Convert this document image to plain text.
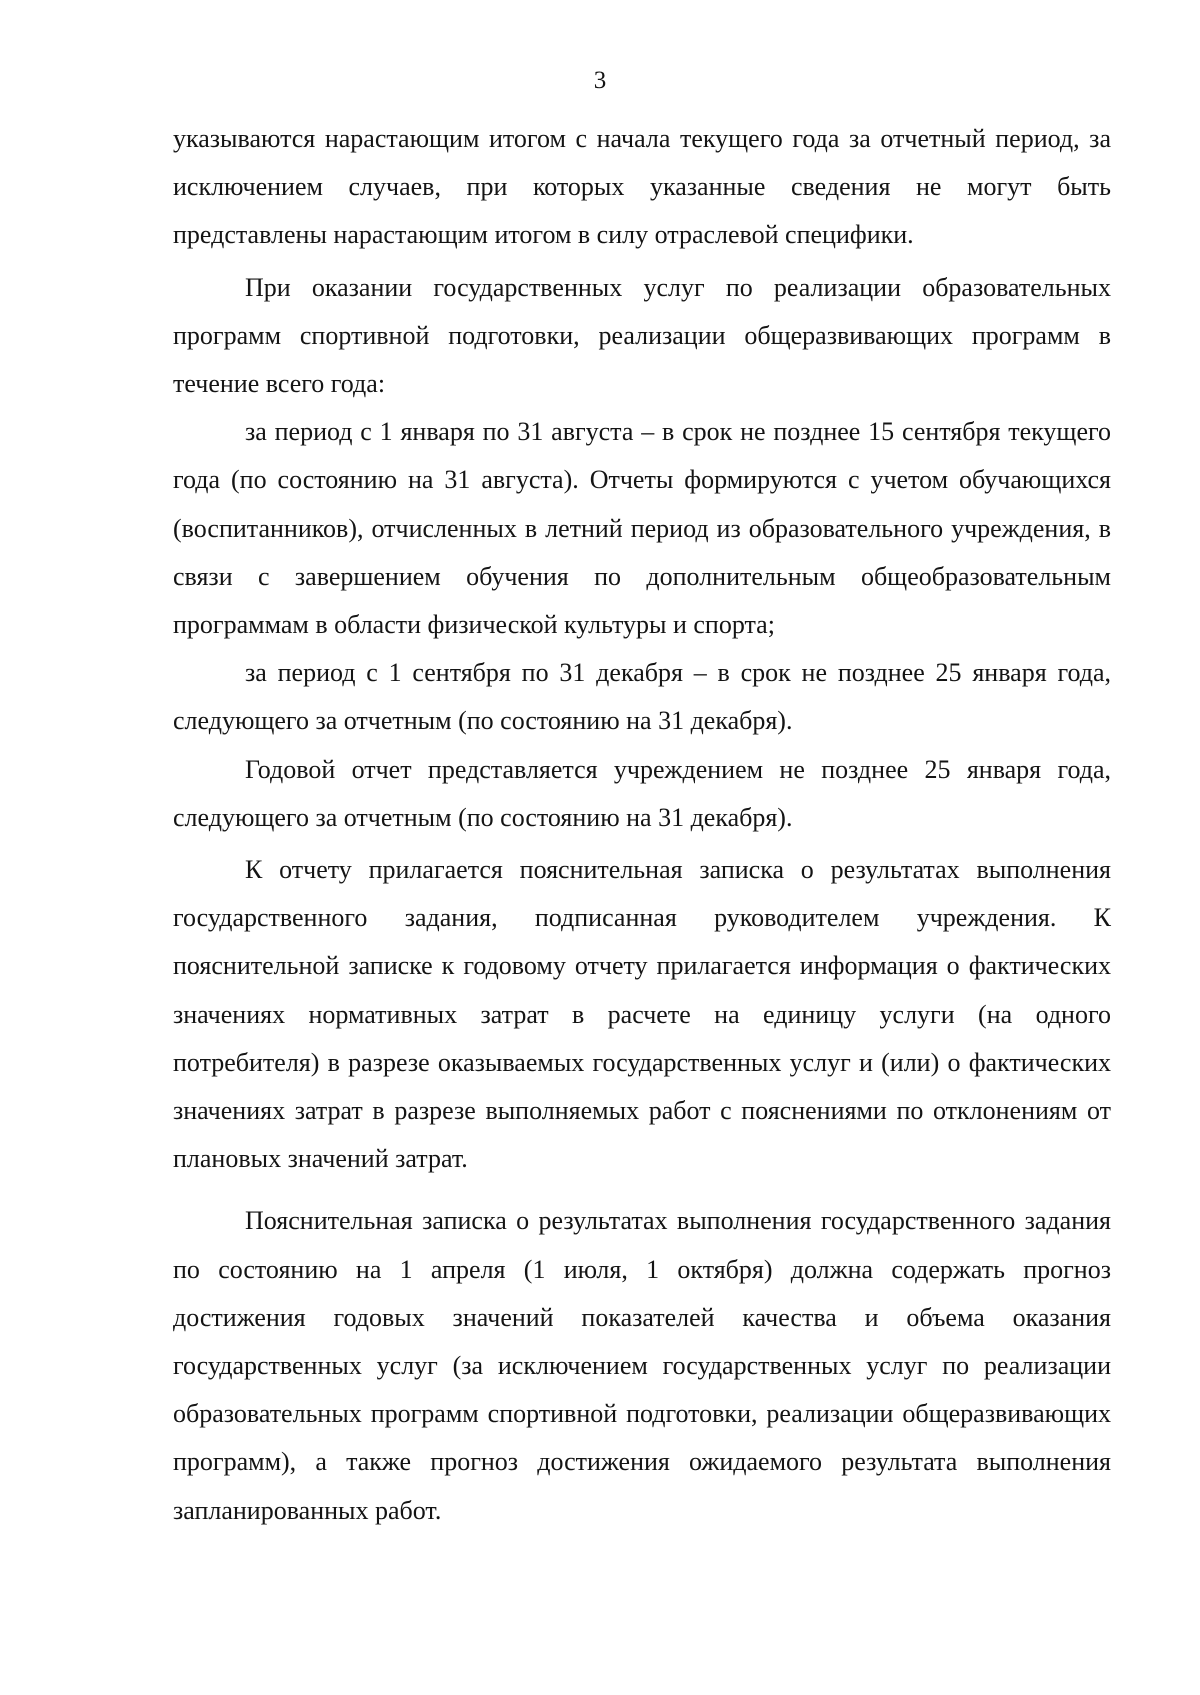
3

указываются нарастающим итогом с начала текущего года за отчетный период, за исключением случаев, при которых указанные сведения не могут быть представлены нарастающим итогом в силу отраслевой специфики.

При оказании государственных услуг по реализации образовательных программ спортивной подготовки, реализации общеразвивающих программ в течение всего года:

за период с 1 января по 31 августа – в срок не позднее 15 сентября текущего года (по состоянию на 31 августа). Отчеты формируются с учетом обучающихся (воспитанников), отчисленных в летний период из образовательного учреждения, в связи с завершением обучения по дополнительным общеобразовательным программам в области физической культуры и спорта;

за период с 1 сентября по 31 декабря – в срок не позднее 25 января года, следующего за отчетным (по состоянию на 31 декабря).

Годовой отчет представляется учреждением не позднее 25 января года, следующего за отчетным (по состоянию на 31 декабря).

К отчету прилагается пояснительная записка о результатах выполнения государственного задания, подписанная руководителем учреждения. К пояснительной записке к годовому отчету прилагается информация о фактических значениях нормативных затрат в расчете на единицу услуги (на одного потребителя) в разрезе оказываемых государственных услуг и (или) о фактических значениях затрат в разрезе выполняемых работ с пояснениями по отклонениям от плановых значений затрат.

Пояснительная записка о результатах выполнения государственного задания по состоянию на 1 апреля (1 июля, 1 октября) должна содержать прогноз достижения годовых значений показателей качества и объема оказания государственных услуг (за исключением государственных услуг по реализации образовательных программ спортивной подготовки, реализации общеразвивающих программ), а также прогноз достижения ожидаемого результата выполнения запланированных работ.
